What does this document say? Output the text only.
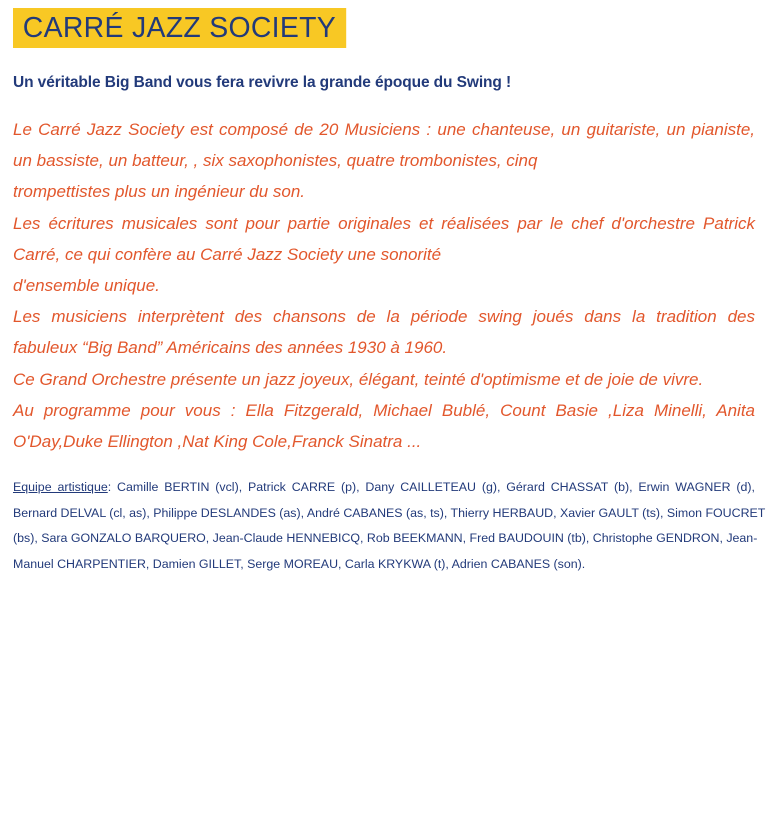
CARRÉ JAZZ SOCIETY
Un véritable Big Band vous fera revivre la grande époque du Swing !
Le Carré Jazz Society est composé de 20 Musiciens : une chanteuse, un guitariste, un pianiste,
un bassiste, un batteur, , six saxophonistes, quatre trombonistes, cinq
trompettistes plus un ingénieur du son.
Les écritures musicales sont pour partie originales et réalisées par le chef d'orchestre Patrick
Carré, ce qui confère au Carré Jazz Society une sonorité
d'ensemble unique.
Les musiciens interprètent des chansons de la période swing joués dans la tradition des
fabuleux “Big Band” Américains des années 1930 à 1960.
Ce Grand Orchestre présente un jazz joyeux, élégant, teinté d'optimisme et de joie de vivre.
Au programme pour vous : Ella Fitzgerald, Michael Bublé, Count Basie ,Liza Minelli, Anita
O'Day,Duke Ellington ,Nat King Cole,Franck Sinatra ...
Equipe artistique: Camille BERTIN (vcl), Patrick CARRE (p), Dany CAILLETEAU (g), Gérard CHASSAT (b), Erwin WAGNER (d),
Bernard DELVAL (cl, as), Philippe DESLANDES (as), André CABANES (as, ts), Thierry HERBAUD, Xavier GAULT (ts), Simon FOUCRET
(bs), Sara GONZALO BARQUERO, Jean-Claude HENNEBICQ, Rob BEEKMANN, Fred BAUDOUIN (tb), Christophe GENDRON, Jean-
Manuel CHARPENTIER, Damien GILLET, Serge MOREAU, Carla KRYKWA (t), Adrien CABANES (son).
